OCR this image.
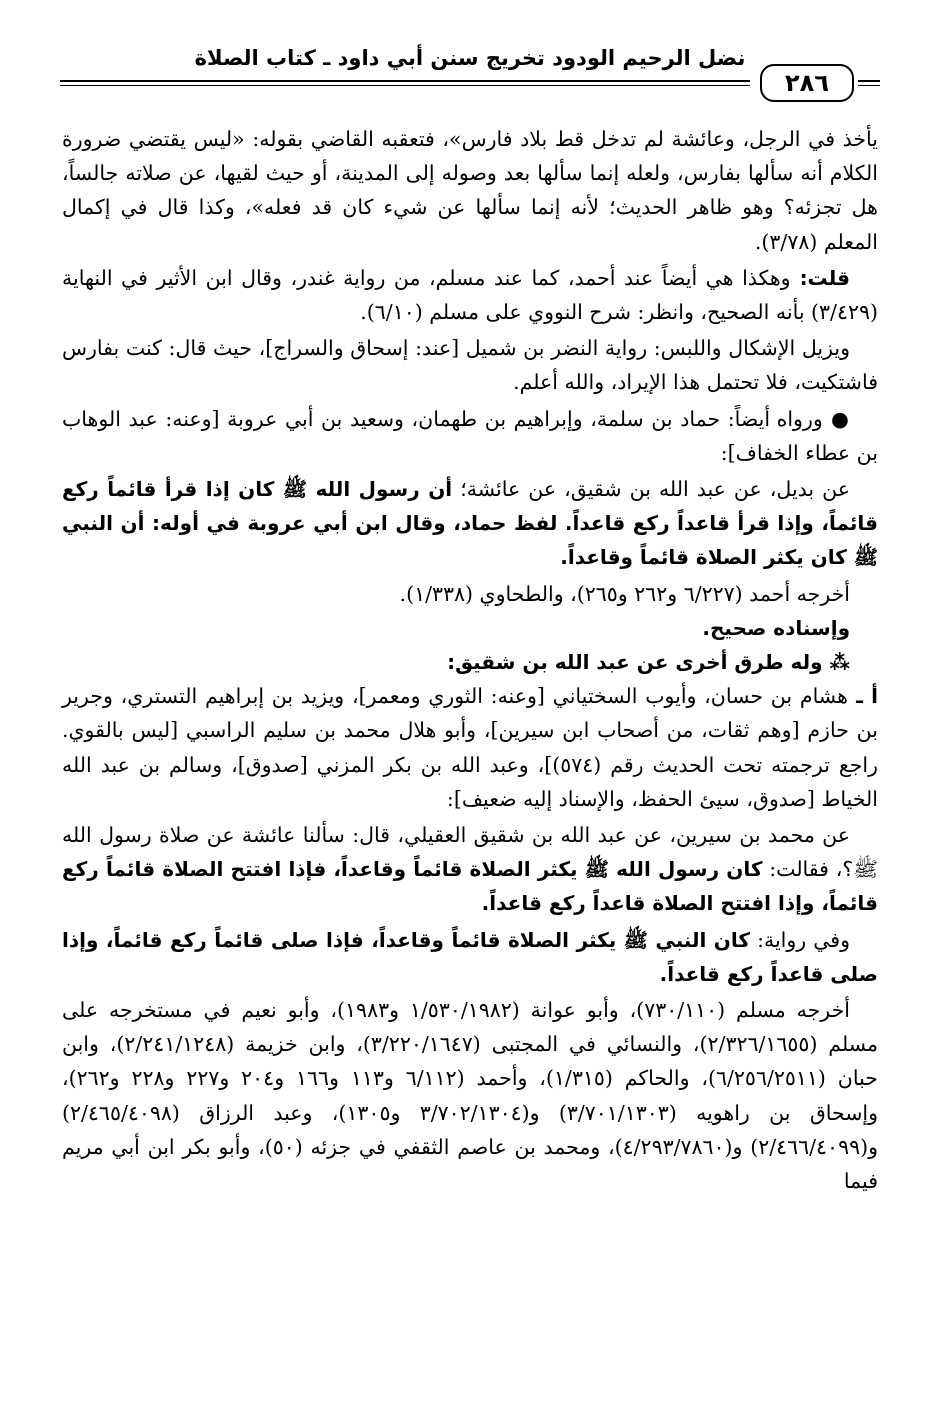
نضل الرحيم الودود تخريج سنن أبي داود ـ كتاب الصلاة
٢٨٦

يأخذ في الرجل، وعائشة لم تدخل قط بلاد فارس»، فتعقبه القاضي بقوله: «ليس يقتضي ضرورة الكلام أنه سألها بفارس، ولعله إنما سألها بعد وصوله إلى المدينة، أو حيث لقيها، عن صلاته جالساً، هل تجزئه؟ وهو ظاهر الحديث؛ لأنه إنما سألها عن شيء كان قد فعله»، وكذا قال في إكمال المعلم (٣/٧٨).

قلت: وهكذا هي أيضاً عند أحمد، كما عند مسلم، من رواية غندر، وقال ابن الأثير في النهاية (٣/٤٢٩) بأنه الصحيح، وانظر: شرح النووي على مسلم (٦/١٠).

ويزيل الإشكال واللبس: رواية النضر بن شميل [عند: إسحاق والسراج]، حيث قال: كنت بفارس فاشتكيت، فلا تحتمل هذا الإيراد، والله أعلم.

● ورواه أيضاً: حماد بن سلمة، وإبراهيم بن طهمان، وسعيد بن أبي عروبة [وعنه: عبد الوهاب بن عطاء الخفاف]:

عن بديل، عن عبد الله بن شقيق، عن عائشة؛ أن رسول الله ﷺ كان إذا قرأ قائماً ركع قائماً، وإذا قرأ قاعداً ركع قاعداً. لفظ حماد، وقال ابن أبي عروبة في أوله: أن النبي ﷺ كان يكثر الصلاة قائماً وقاعداً.

أخرجه أحمد (٦/٢٢٧ و٢٦٢ و٢٦٥)، والطحاوي (١/٣٣٨).

وإسناده صحيح.

⁂ وله طرق أخرى عن عبد الله بن شقيق:

أ ـ هشام بن حسان، وأيوب السختياني [وعنه: الثوري ومعمر]، ويزيد بن إبراهيم التستري، وجرير بن حازم [وهم ثقات، من أصحاب ابن سيرين]، وأبو هلال محمد بن سليم الراسبي [ليس بالقوي. راجع ترجمته تحت الحديث رقم (٥٧٤)]، وعبد الله بن بكر المزني [صدوق]، وسالم بن عبد الله الخياط [صدوق، سيئ الحفظ، والإسناد إليه ضعيف]:

عن محمد بن سيرين، عن عبد الله بن شقيق العقيلي، قال: سألنا عائشة عن صلاة رسول الله ﷺ؟، فقالت: كان رسول الله ﷺ يكثر الصلاة قائماً وقاعداً، فإذا افتتح الصلاة قائماً ركع قائماً، وإذا افتتح الصلاة قاعداً ركع قاعداً.

وفي رواية: كان النبي ﷺ يكثر الصلاة قائماً وقاعداً، فإذا صلى قائماً ركع قائماً، وإذا صلى قاعداً ركع قاعداً.

أخرجه مسلم (٧٣٠/١١٠)، وأبو عوانة (١/٥٣٠/١٩٨٢ و١٩٨٣)، وأبو نعيم في مستخرجه على مسلم (٢/٣٢٦/١٦٥٥)، والنسائي في المجتبى (٣/٢٢٠/١٦٤٧)، وابن خزيمة (٢/٢٤١/١٢٤٨)، وابن حبان (٦/٢٥٦/٢٥١١)، والحاكم (١/٣١٥)، وأحمد (٦/١١٢ و١١٣ و١٦٦ و٢٠٤ و٢٢٧ و٢٢٨ و٢٦٢)، وإسحاق بن راهويه (٣/٧٠١/١٣٠٣) و(٣/٧٠٢/١٣٠٤ و١٣٠٥)، وعبد الرزاق (٢/٤٦٥/٤٠٩٨) و(٢/٤٦٦/٤٠٩٩) و(٤/٢٩٣/٧٨٦٠)، ومحمد بن عاصم الثقفي في جزئه (٥٠)، وأبو بكر ابن أبي مريم فيما
